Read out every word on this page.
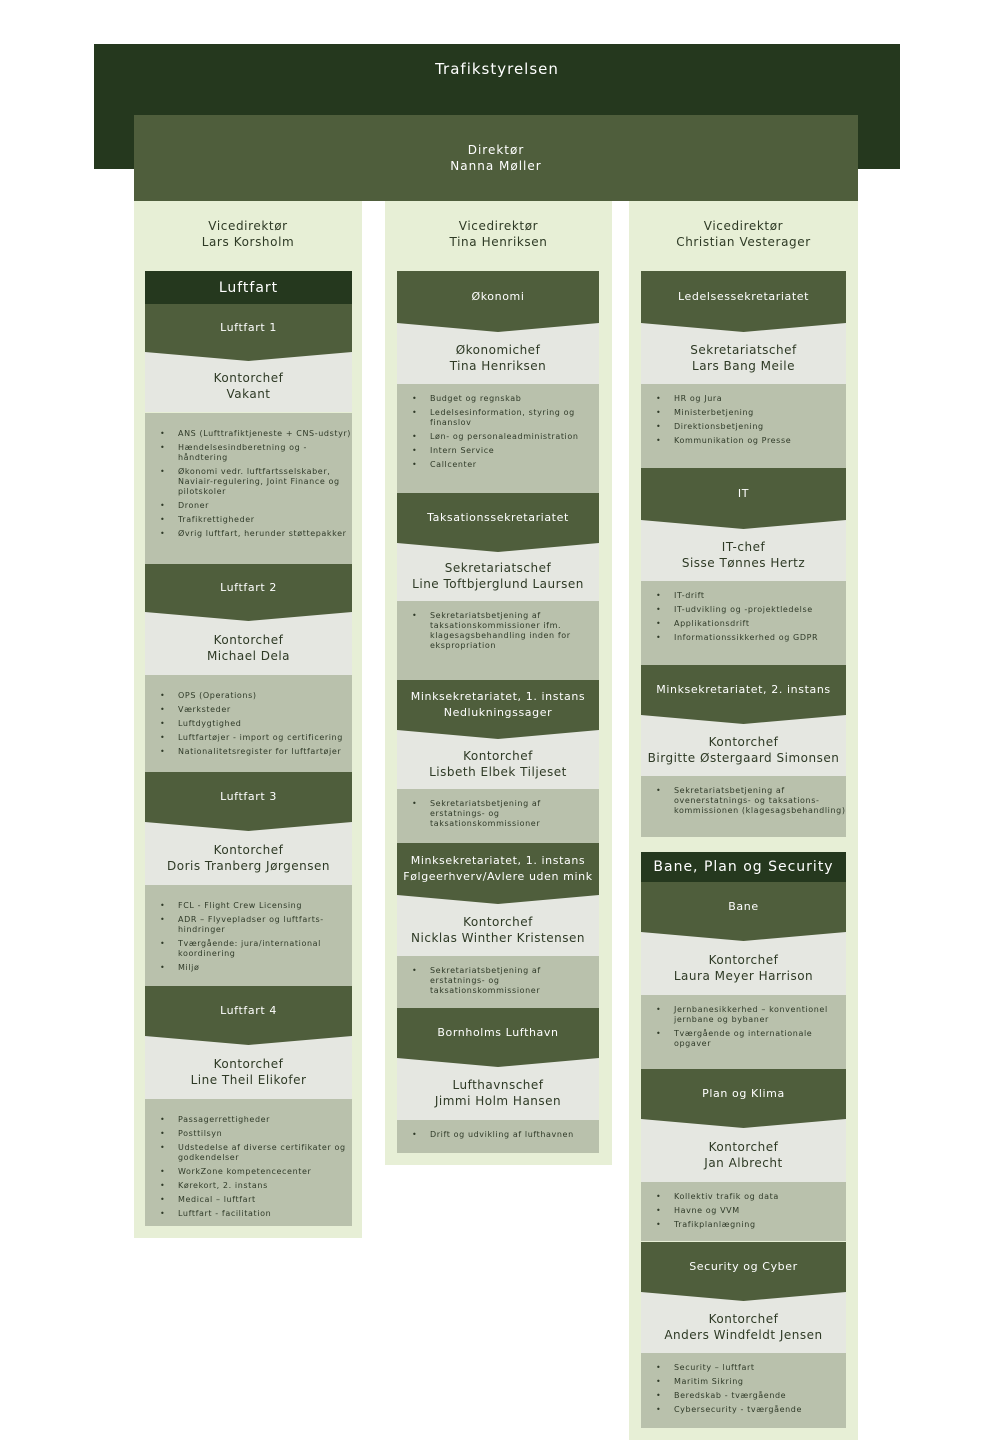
Trafikstyrelsen
Direktør
Nanna Møller
Vicedirektør
Lars Korsholm
Vicedirektør
Tina Henriksen
Vicedirektør
Christian Vesterager
Luftfart
Bane, Plan og Security
• ANS (Lufttrafiktjeneste + CNS-udstyr)
• Hændelsesindberetning og -håndtering
• Økonomi vedr. luftfartsselskaber, Naviair-regulering, Joint Finance og pilotskoler
• Droner
• Trafikrettigheder
• Øvrig luftfart, herunder støttepakker
Kontorchef
Vakant
Luftfart 1
• OPS (Operations)
• Værksteder
• Luftdygtighed
• Luftfartøjer - import og certificering
• Nationalitetsregister for luftfartøjer
Kontorchef
Michael Dela
Luftfart 2
• FCL - Flight Crew Licensing
• ADR – Flyvepladser og luftfarts-hindringer
• Tværgående: jura/international koordinering
• Miljø
Kontorchef
Doris Tranberg Jørgensen
Luftfart 3
• Passagerrettigheder
• Posttilsyn
• Udstedelse af diverse certifikater og godkendelser
• WorkZone kompetencecenter
• Kørekort, 2. instans
• Medical – luftfart
• Luftfart - facilitation
Kontorchef
Line Theil Elikofer
Luftfart 4
• Budget og regnskab
• Ledelsesinformation, styring og finanslov
• Løn- og personaleadministration
• Intern Service
• Callcenter
Økonomichef
Tina Henriksen
Økonomi
• Sekretariatsbetjening af taksationskommissioner ifm. klagesagsbehandling inden for ekspropriation
Sekretariatschef
Line Toftbjerglund Laursen
Taksationssekretariatet
• Sekretariatsbetjening af erstatnings- og taksationskommissioner
Kontorchef
Lisbeth Elbek Tiljeset
Minksekretariatet, 1. instans
Nedlukningssager
• Sekretariatsbetjening af erstatnings- og taksationskommissioner
Kontorchef
Nicklas Winther Kristensen
Minksekretariatet, 1. instans
Følgeerhverv/Avlere uden mink
• Drift og udvikling af lufthavnen
Lufthavnschef
Jimmi Holm Hansen
Bornholms Lufthavn
• HR og Jura
• Ministerbetjening
• Direktionsbetjening
• Kommunikation og Presse
Sekretariatschef
Lars Bang Meile
Ledelsessekretariatet
• IT-drift
• IT-udvikling og -projektledelse
• Applikationsdrift
• Informationssikkerhed og GDPR
IT-chef
Sisse Tønnes Hertz
IT
• Sekretariatsbetjening af ovenerstatnings- og taksations-kommissionen (klagesagsbehandling)
Kontorchef
Birgitte Østergaard Simonsen
Minksekretariatet, 2. instans
• Jernbanesikkerhed – konventionel jernbane og bybaner
• Tværgående og internationale opgaver
Kontorchef
Laura Meyer Harrison
Bane
• Kollektiv trafik og data
• Havne og VVM
• Trafikplanlægning
Kontorchef
Jan Albrecht
Plan og Klima
• Security – luftfart
• Maritim Sikring
• Beredskab - tværgående
• Cybersecurity - tværgående
Kontorchef
Anders Windfeldt Jensen
Security og Cyber
